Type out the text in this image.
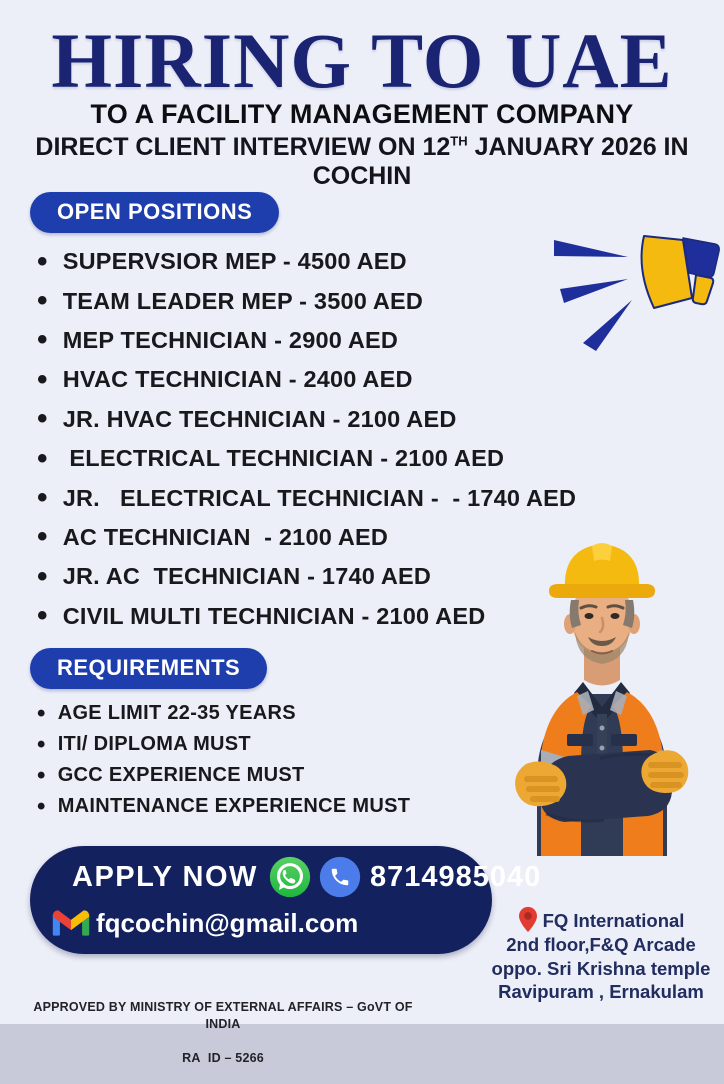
HIRING TO UAE
TO A FACILITY MANAGEMENT COMPANY
DIRECT CLIENT INTERVIEW ON 12TH JANUARY 2026 IN COCHIN
OPEN POSITIONS
• SUPERVSIOR MEP - 4500 AED
• TEAM LEADER MEP - 3500 AED
• MEP TECHNICIAN - 2900 AED
• HVAC TECHNICIAN - 2400 AED
• JR. HVAC TECHNICIAN - 2100 AED
•  ELECTRICAL TECHNICIAN - 2100 AED
• JR.   ELECTRICAL TECHNICIAN -  - 1740 AED
• AC TECHNICIAN  - 2100 AED
• JR. AC  TECHNICIAN - 1740 AED
• CIVIL MULTI TECHNICIAN - 2100 AED
REQUIREMENTS
• AGE LIMIT 22-35 YEARS
• ITI/ DIPLOMA MUST
• GCC EXPERIENCE MUST
• MAINTENANCE EXPERIENCE MUST
APPLY NOW	8714985040
fqcochin@gmail.com	FQ International
2nd floor,F&Q Arcade
oppo. Sri Krishna temple
Ravipuram , Ernakulam

APPROVED BY MINISTRY OF EXTERNAL AFFAIRS – GoVT OF INDIA

RA  ID – 5266
